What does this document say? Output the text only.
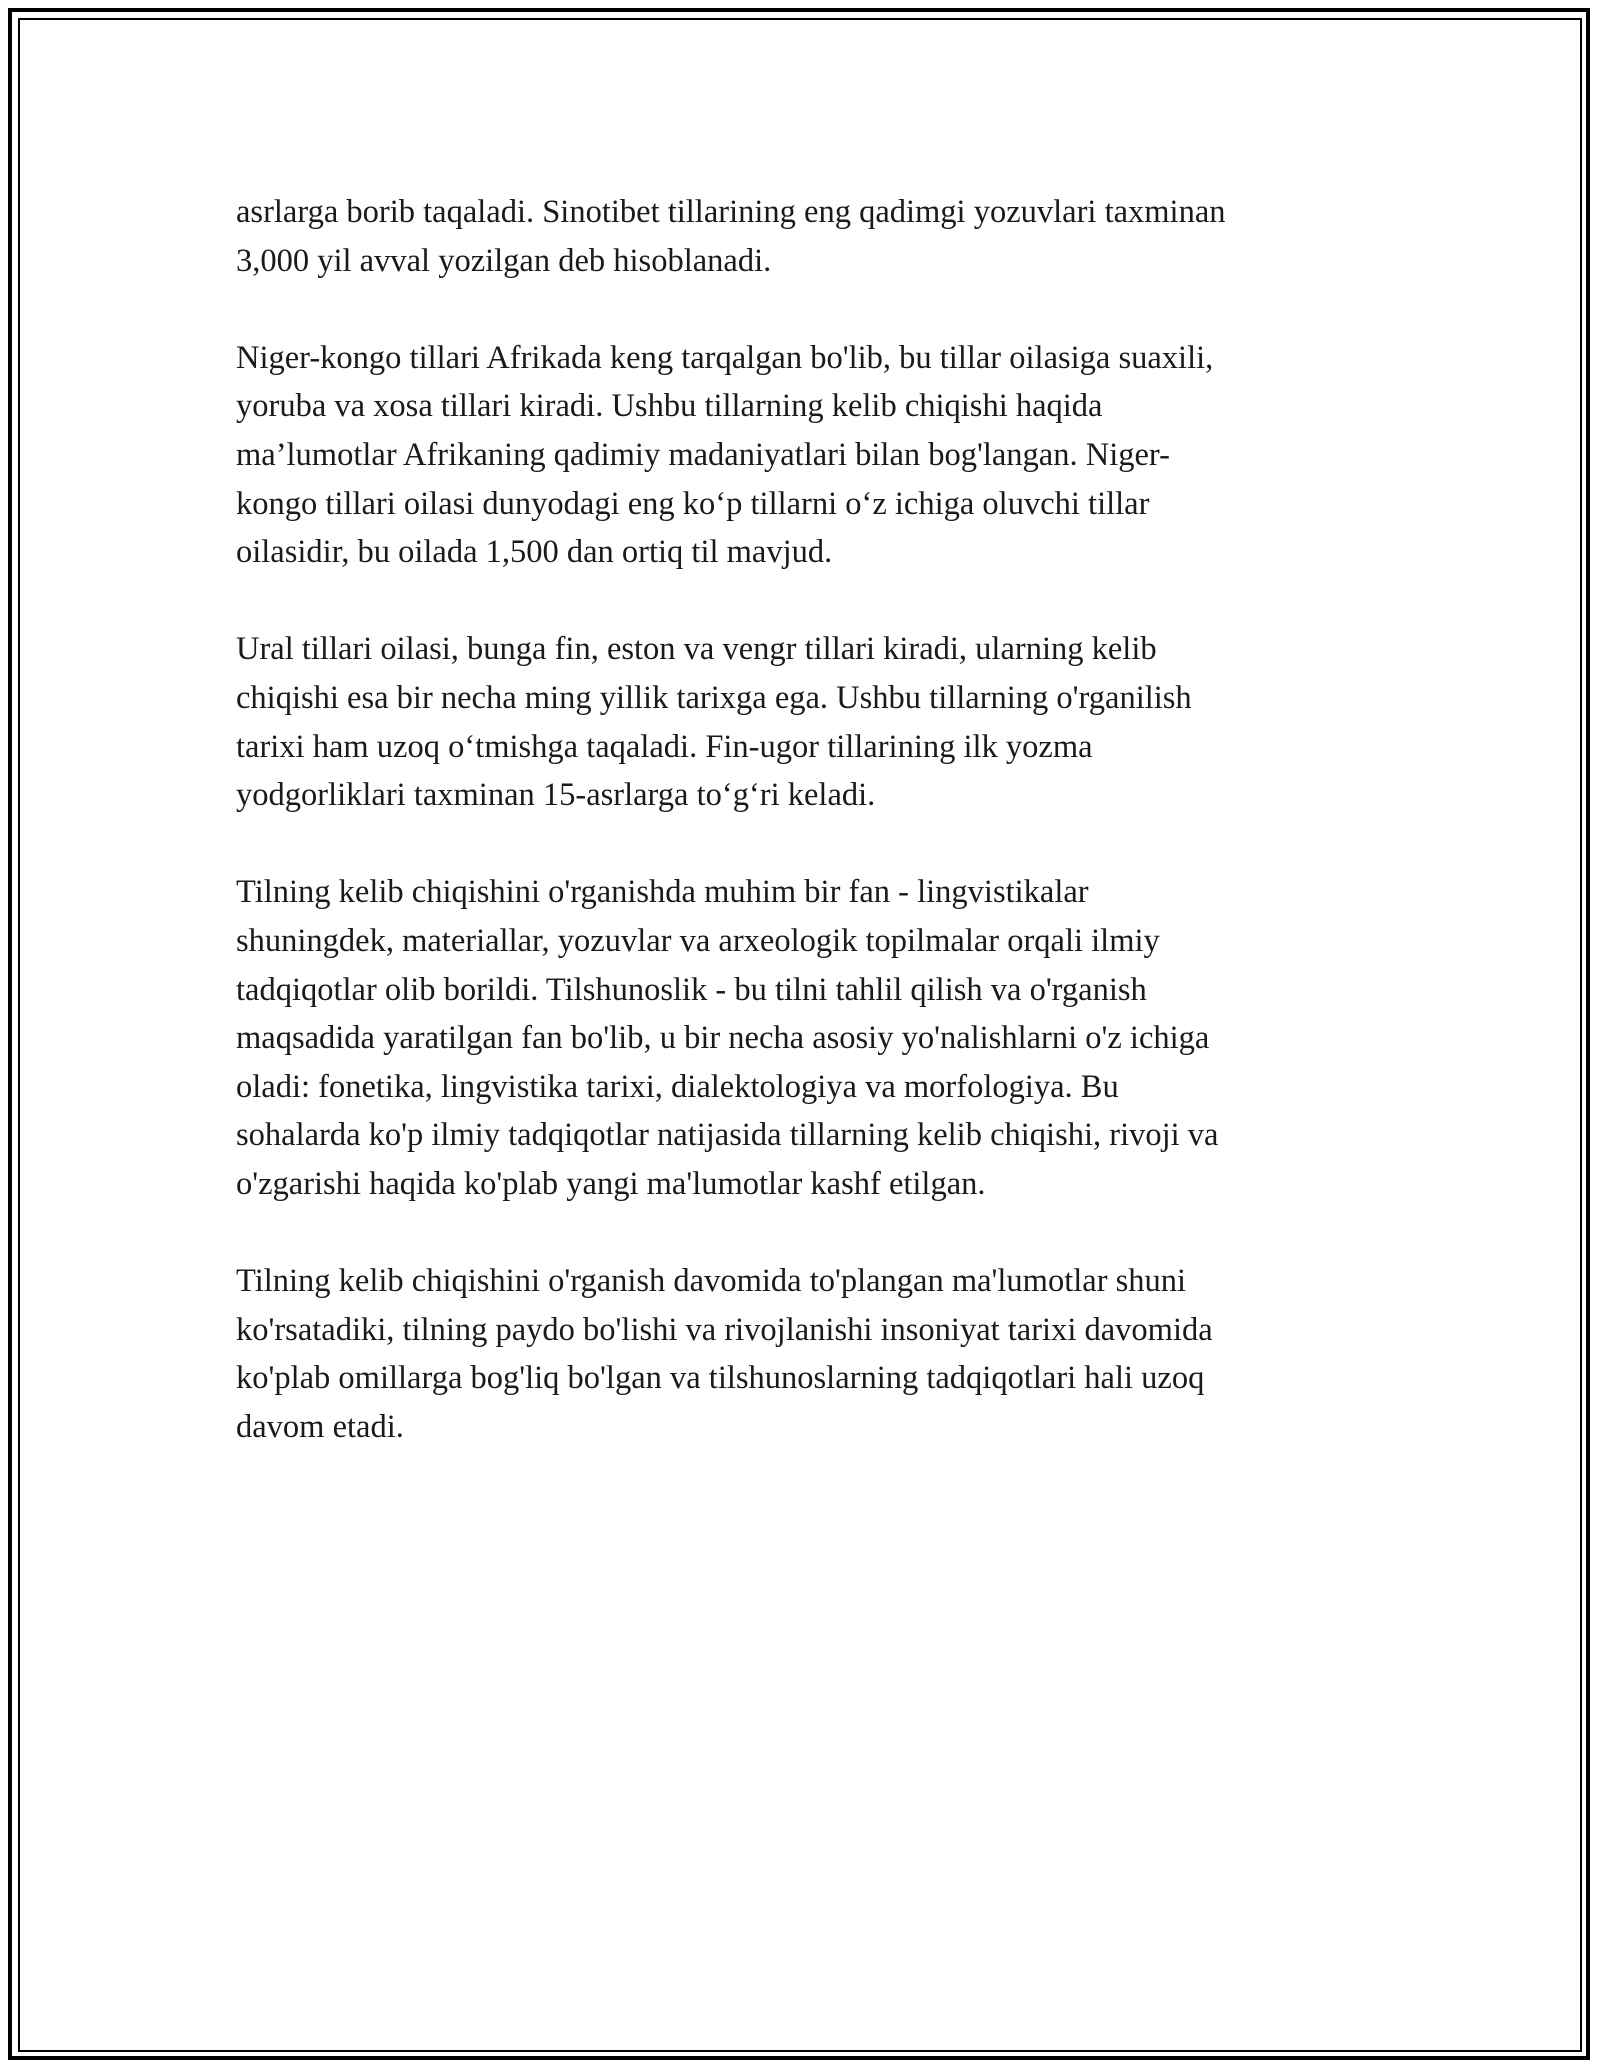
asrlarga borib taqaladi. Sinotibet tillarining eng qadimgi yozuvlari taxminan
3,000 yil avval yozilgan deb hisoblanadi.

Niger-kongo tillari Afrikada keng tarqalgan bo'lib, bu tillar oilasiga suaxili,
yoruba va xosa tillari kiradi. Ushbu tillarning kelib chiqishi haqida
ma’lumotlar Afrikaning qadimiy madaniyatlari bilan bog'langan. Niger-
kongo tillari oilasi dunyodagi eng ko‘p tillarni o‘z ichiga oluvchi tillar
oilasidir, bu oilada 1,500 dan ortiq til mavjud.

Ural tillari oilasi, bunga fin, eston va vengr tillari kiradi, ularning kelib
chiqishi esa bir necha ming yillik tarixga ega. Ushbu tillarning o'rganilish
tarixi ham uzoq o‘tmishga taqaladi. Fin-ugor tillarining ilk yozma
yodgorliklari taxminan 15-asrlarga to‘g‘ri keladi.

Tilning kelib chiqishini o'rganishda muhim bir fan - lingvistikalar
shuningdek, materiallar, yozuvlar va arxeologik topilmalar orqali ilmiy
tadqiqotlar olib borildi. Tilshunoslik - bu tilni tahlil qilish va o'rganish
maqsadida yaratilgan fan bo'lib, u bir necha asosiy yo'nalishlarni o'z ichiga
oladi: fonetika, lingvistika tarixi, dialektologiya va morfologiya. Bu
sohalarda ko'p ilmiy tadqiqotlar natijasida tillarning kelib chiqishi, rivoji va
o'zgarishi haqida ko'plab yangi ma'lumotlar kashf etilgan.

Tilning kelib chiqishini o'rganish davomida to'plangan ma'lumotlar shuni
ko'rsatadiki, tilning paydo bo'lishi va rivojlanishi insoniyat tarixi davomida
ko'plab omillarga bog'liq bo'lgan va tilshunoslarning tadqiqotlari hali uzoq
davom etadi.
